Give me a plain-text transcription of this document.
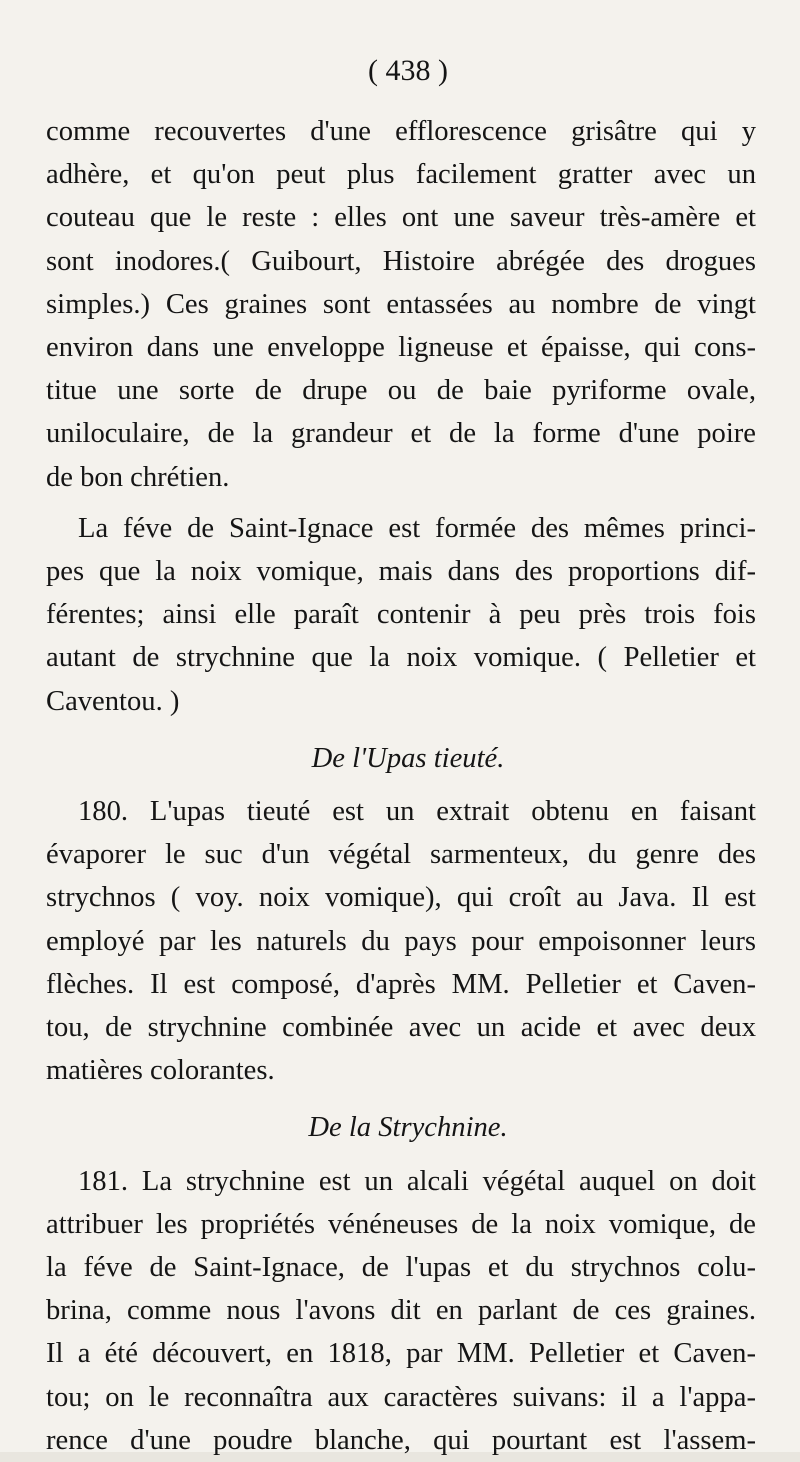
( 438 )

comme recouvertes d'une efflorescence grisâtre qui y
adhère, et qu'on peut plus facilement gratter avec un
couteau que le reste : elles ont une saveur très-amère et
sont inodores.( Guibourt, Histoire abrégée des drogues
simples.) Ces graines sont entassées au nombre de vingt
environ dans une enveloppe ligneuse et épaisse, qui cons-
titue une sorte de drupe ou de baie pyriforme ovale,
uniloculaire, de la grandeur et de la forme d'une poire
de bon chrétien.

La féve de Saint-Ignace est formée des mêmes princi-
pes que la noix vomique, mais dans des proportions dif-
férentes; ainsi elle paraît contenir à peu près trois fois
autant de strychnine que la noix vomique. ( Pelletier et
Caventou. )

De l'Upas tieuté.

180. L'upas tieuté est un extrait obtenu en faisant
évaporer le suc d'un végétal sarmenteux, du genre des
strychnos ( voy. noix vomique), qui croît au Java. Il est
employé par les naturels du pays pour empoisonner leurs
flèches. Il est composé, d'après MM. Pelletier et Caven-
tou, de strychnine combinée avec un acide et avec deux
matières colorantes.

De la Strychnine.

181. La strychnine est un alcali végétal auquel on doit
attribuer les propriétés vénéneuses de la noix vomique, de
la féve de Saint-Ignace, de l'upas et du strychnos colu-
brina, comme nous l'avons dit en parlant de ces graines.
Il a été découvert, en 1818, par MM. Pelletier et Caven-
tou; on le reconnaîtra aux caractères suivans: il a l'appa-
rence d'une poudre blanche, qui pourtant est l'assem-
